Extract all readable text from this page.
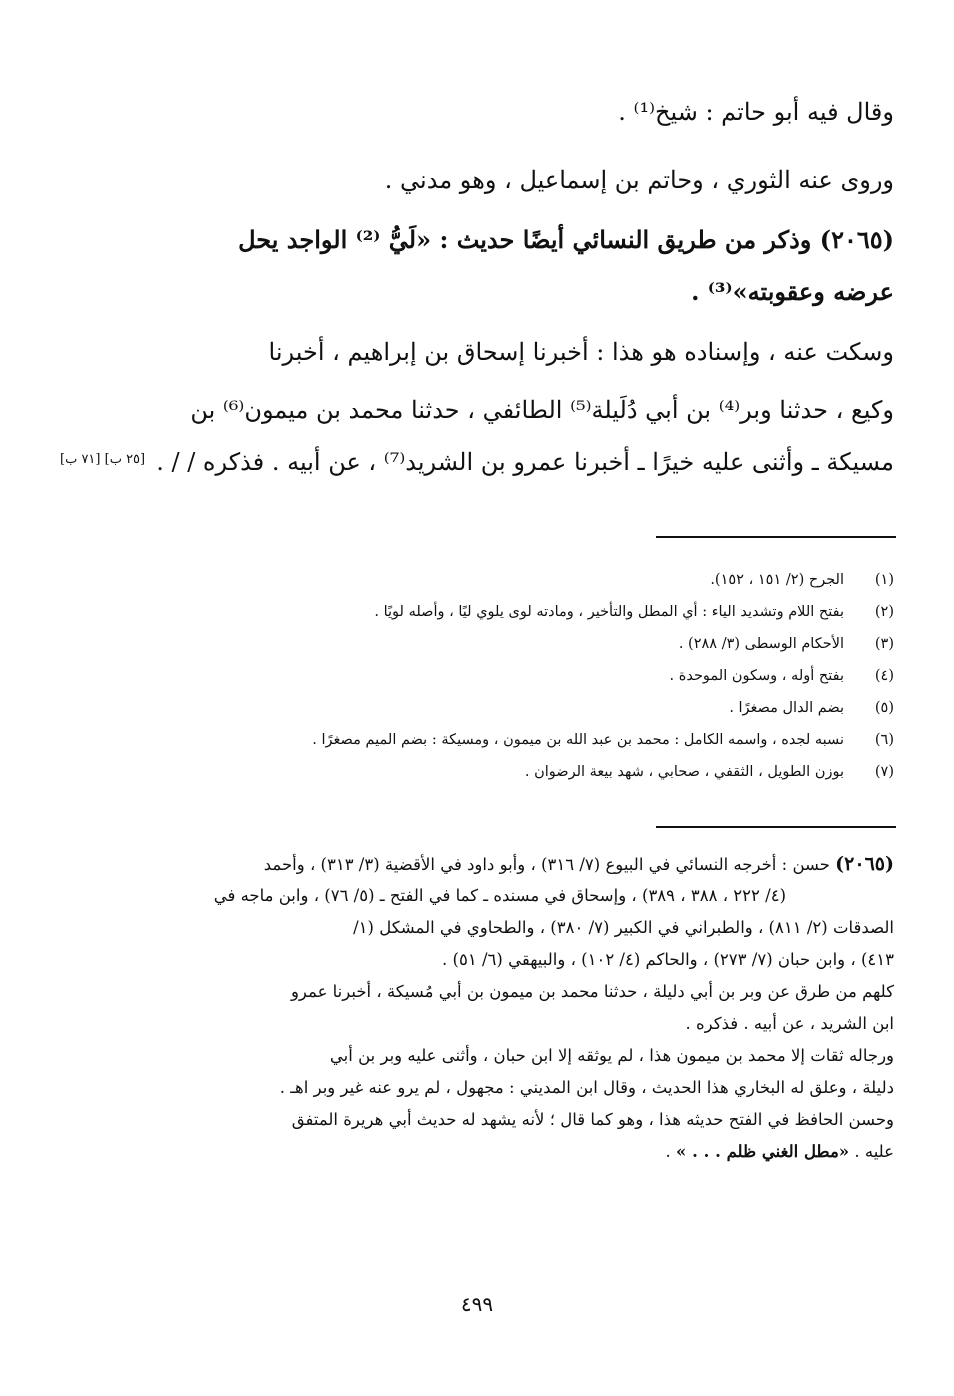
وقال فيه أبو حاتم : شيخ⁽¹⁾ .
وروى عنه الثوري ، وحاتم بن إسماعيل ، وهو مدني .
(٢٠٦٥) وذكر من طريق النسائي أيضًا حديث : «لَيُّ ⁽²⁾ الواجد يحل
عرضه وعقوبته»⁽³⁾ .
وسكت عنه ، وإسناده هو هذا : أخبرنا إسحاق بن إبراهيم ، أخبرنا
وكيع ، حدثنا وبر⁽⁴⁾ بن أبي دُلَيلة⁽⁵⁾ الطائفي ، حدثنا محمد بن ميمون⁽⁶⁾ بن
مسيكة ـ وأثنى عليه خيرًا ـ أخبرنا عمرو بن الشريد⁽⁷⁾ ، عن أبيه . فذكره / / .
[٢٥ ب] [٧١ ب]
(١)
الجرح (٢/ ١٥١ ، ١٥٢).
(٢)
بفتح اللام وتشديد الياء : أي المطل والتأخير ، ومادته لوى يلوي ليًا ، وأصله لويًا .
(٣)
الأحكام الوسطى (٣/ ٢٨٨) .
(٤)
بفتح أوله ، وسكون الموحدة .
(٥)
بضم الدال مصغرًا .
(٦)
نسبه لجده ، واسمه الكامل : محمد بن عبد الله بن ميمون ، ومسيكة : بضم الميم مصغرًا .
(٧)
بوزن الطويل ، الثقفي ، صحابي ، شهد بيعة الرضوان .
(٢٠٦٥) حسن : أخرجه النسائي في البيوع (٧/ ٣١٦) ، وأبو داود في الأقضية (٣/ ٣١٣) ، وأحمد
(٤/ ٢٢٢ ، ٣٨٨ ، ٣٨٩) ، وإسحاق في مسنده ـ كما في الفتح ـ (٥/ ٧٦) ، وابن ماجه في
الصدقات (٢/ ٨١١) ، والطبراني في الكبير (٧/ ٣٨٠) ، والطحاوي في المشكل (١/
٤١٣) ، وابن حبان (٧/ ٢٧٣) ، والحاكم (٤/ ١٠٢) ، والبيهقي (٦/ ٥١) .
كلهم من طرق عن وبر بن أبي دليلة ، حدثنا محمد بن ميمون بن أبي مُسيكة ، أخبرنا عمرو
ابن الشريد ، عن أبيه . فذكره .
ورجاله ثقات إلا محمد بن ميمون هذا ، لم يوثقه إلا ابن حبان ، وأثنى عليه وبر بن أبي
دليلة ، وعلق له البخاري هذا الحديث ، وقال ابن المديني : مجهول ، لم يرو عنه غير وبر اهـ .
وحسن الحافظ في الفتح حديثه هذا ، وهو كما قال ؛ لأنه يشهد له حديث أبي هريرة المتفق
عليه . «مطل الغني ظلم . . . » .
٤٩٩
